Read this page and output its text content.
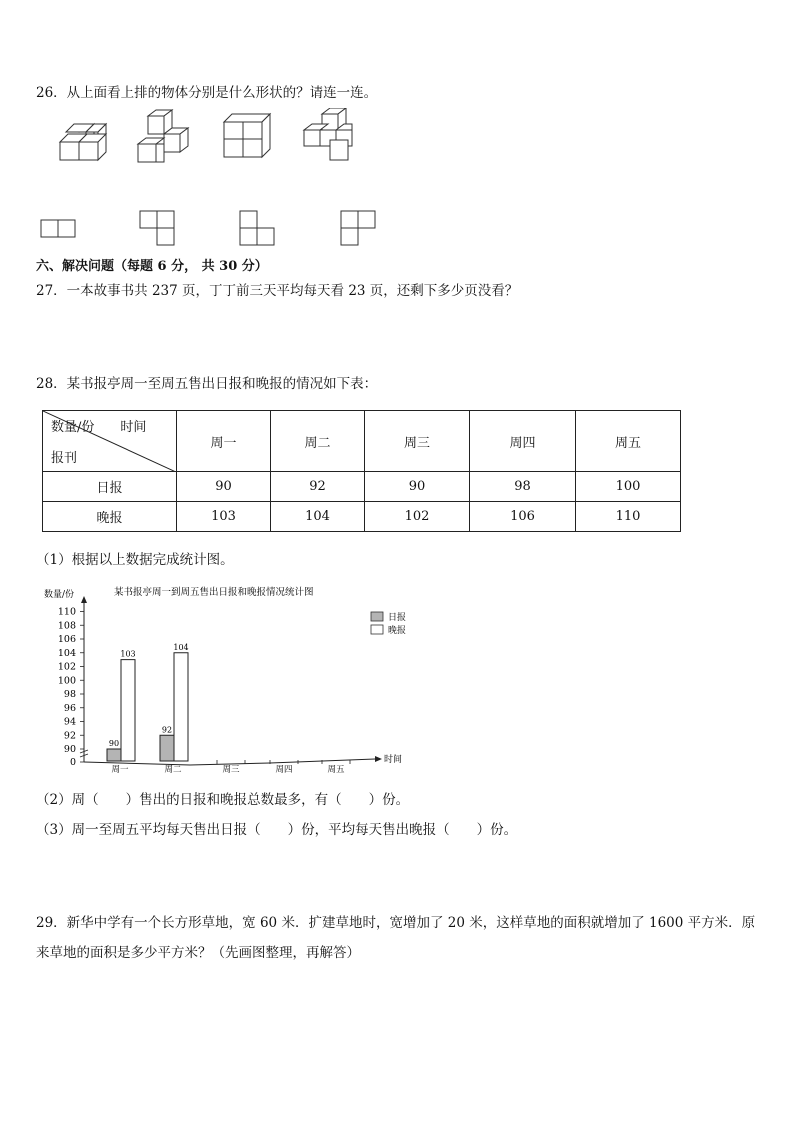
26．从上面看上排的物体分别是什么形状的？请连一连。
六、解决问题（每题 6 分， 共 30 分）
27．一本故事书共 237 页，丁丁前三天平均每天看 23 页，还剩下多少页没看？
28．某书报亭周一至周五售出日报和晚报的情况如下表：
数量/份　　时间
报刊	周一	周二	周三	周四	周五
日报	90	92	90	98	100
晚报	103	104	102	106	110
（1）根据以上数据完成统计图。
某书报亭周一到周五售出日报和晚报情况统计图
数量/份
时间
110
108
106
104
102
100
98
96
94
92
90
0
90
103
92
104
周一	周二	周三	周四	周五
日报
晚报
（2）周（　　）售出的日报和晚报总数最多，有（　　）份。
（3）周一至周五平均每天售出日报（　　）份，平均每天售出晚报（　　）份。
29．新华中学有一个长方形草地，宽 60 米．扩建草地时，宽增加了 20 米，这样草地的面积就增加了 1600 平方米．原
来草地的面积是多少平方米？（先画图整理，再解答）
